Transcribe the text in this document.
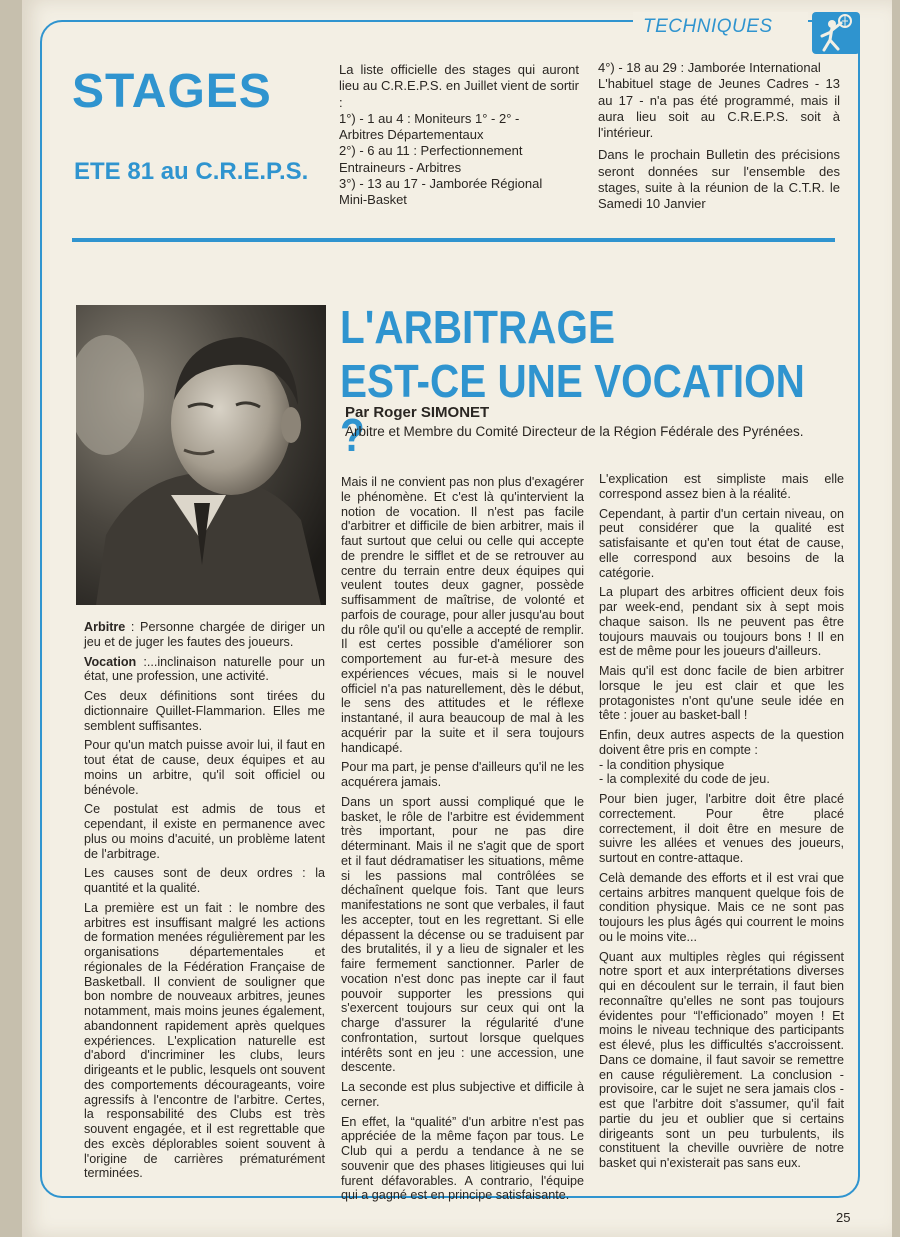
TECHNIQUES
STAGES
ETE 81 au C.R.E.P.S.

La liste officielle des stages qui auront lieu au C.R.E.P.S. en Juillet vient de sortir :

1°) - 1 au 4 : Moniteurs 1° - 2° -
Arbitres Départementaux
2°) - 6 au 11 : Perfectionnement
Entraineurs - Arbitres
3°) - 13 au 17 - Jamborée Régional
Mini-Basket
4°) - 18 au 29 : Jamborée International

L'habituel stage de Jeunes Cadres - 13 au 17 - n'a pas été programmé, mais il aura lieu soit au C.R.E.P.S. soit à l'intérieur.

Dans le prochain Bulletin des précisions seront données sur l'ensemble des stages, suite à la réunion de la C.T.R. le Samedi 10 Janvier

L'ARBITRAGE
EST-CE UNE VOCATION ?
Par Roger SIMONET
Arbitre et Membre du Comité Directeur de la Région Fédérale des Pyrénées.

Arbitre : Personne chargée de diriger un jeu et de juger les fautes des joueurs.

Vocation :...inclinaison naturelle pour un état, une profession, une activité.

Ces deux définitions sont tirées du dictionnaire Quillet-Flammarion. Elles me semblent suffisantes.

Pour qu'un match puisse avoir lui, il faut en tout état de cause, deux équipes et au moins un arbitre, qu'il soit officiel ou bénévole.

Ce postulat est admis de tous et cependant, il existe en permanence avec plus ou moins d'acuité, un problème latent de l'arbitrage.

Les causes sont de deux ordres : la quantité et la qualité.

La première est un fait : le nombre des arbitres est insuffisant malgré les actions de formation menées régulièrement par les organisations départementales et régionales de la Fédération Française de Basketball. Il convient de souligner que bon nombre de nouveaux arbitres, jeunes notamment, mais moins jeunes également, abandonnent rapidement après quelques expériences. L'explication naturelle est d'abord d'incriminer les clubs, leurs dirigeants et le public, lesquels ont souvent des comportements décourageants, voire agressifs à l'encontre de l'arbitre. Certes, la responsabilité des Clubs est très souvent engagée, et il est regrettable que des excès déplorables soient souvent à l'origine de carrières prématurément terminées.

Mais il ne convient pas non plus d'exagérer le phénomène. Et c'est là qu'intervient la notion de vocation. Il n'est pas facile d'arbitrer et difficile de bien arbitrer, mais il faut surtout que celui ou celle qui accepte de prendre le sifflet et de se retrouver au centre du terrain entre deux équipes qui veulent toutes deux gagner, possède suffisamment de maîtrise, de volonté et parfois de courage, pour aller jusqu'au bout du rôle qu'il ou qu'elle a accepté de remplir. Il est certes possible d'améliorer son comportement au fur-et-à mesure des expériences vécues, mais si le nouvel officiel n'a pas naturellement, dès le début, le sens des attitudes et le réflexe instantané, il aura beaucoup de mal à les acquérir par la suite et il sera toujours handicapé.

Pour ma part, je pense d'ailleurs qu'il ne les acquérera jamais.

Dans un sport aussi compliqué que le basket, le rôle de l'arbitre est évidemment très important, pour ne pas dire déterminant. Mais il ne s'agit que de sport et il faut dédramatiser les situations, même si les passions mal contrôlées se déchaînent quelque fois. Tant que leurs manifestations ne sont que verbales, il faut les accepter, tout en les regrettant. Si elle dépassent la décense ou se traduisent par des brutalités, il y a lieu de signaler et les faire fermement sanctionner. Parler de vocation n'est donc pas inepte car il faut pouvoir supporter les pressions qui s'exercent toujours sur ceux qui ont la charge d'assurer la régularité d'une confrontation, surtout lorsque quelques intérêts sont en jeu : une accession, une descente.

La seconde est plus subjective et difficile à cerner.

En effet, la “qualité” d'un arbitre n'est pas appréciée de la même façon par tous. Le Club qui a perdu a tendance à ne se souvenir que des phases litigieuses qui lui furent défavorables. A contrario, l'équipe qui a gagné est en principe satisfaisante.

L'explication est simpliste mais elle correspond assez bien à la réalité.

Cependant, à partir d'un certain niveau, on peut considérer que la qualité est satisfaisante et qu'en tout état de cause, elle correspond aux besoins de la catégorie.

La plupart des arbitres officient deux fois par week-end, pendant six à sept mois chaque saison. Ils ne peuvent pas être toujours mauvais ou toujours bons ! Il en est de même pour les joueurs d'ailleurs.

Mais qu'il est donc facile de bien arbitrer lorsque le jeu est clair et que les protagonistes n'ont qu'une seule idée en tête : jouer au basket-ball !

Enfin, deux autres aspects de la question doivent être pris en compte :

- la condition physique

- la complexité du code de jeu.

Pour bien juger, l'arbitre doit être placé correctement. Pour être placé correctement, il doit être en mesure de suivre les allées et venues des joueurs, surtout en contre-attaque.

Celà demande des efforts et il est vrai que certains arbitres manquent quelque fois de condition physique. Mais ce ne sont pas toujours les plus âgés qui courrent le moins ou le moins vite...

Quant aux multiples règles qui régissent notre sport et aux interprétations diverses qui en découlent sur le terrain, il faut bien reconnaître qu'elles ne sont pas toujours évidentes pour “l'efficionado” moyen ! Et moins le niveau technique des participants est élevé, plus les difficultés s'accroissent. Dans ce domaine, il faut savoir se remettre en cause régulièrement. La conclusion - provisoire, car le sujet ne sera jamais clos -est que l'arbitre doit s'assumer, qu'il fait partie du jeu et oublier que si certains dirigeants sont un peu turbulents, ils constituent la cheville ouvrière de notre basket qui n'existerait pas sans eux.

25
